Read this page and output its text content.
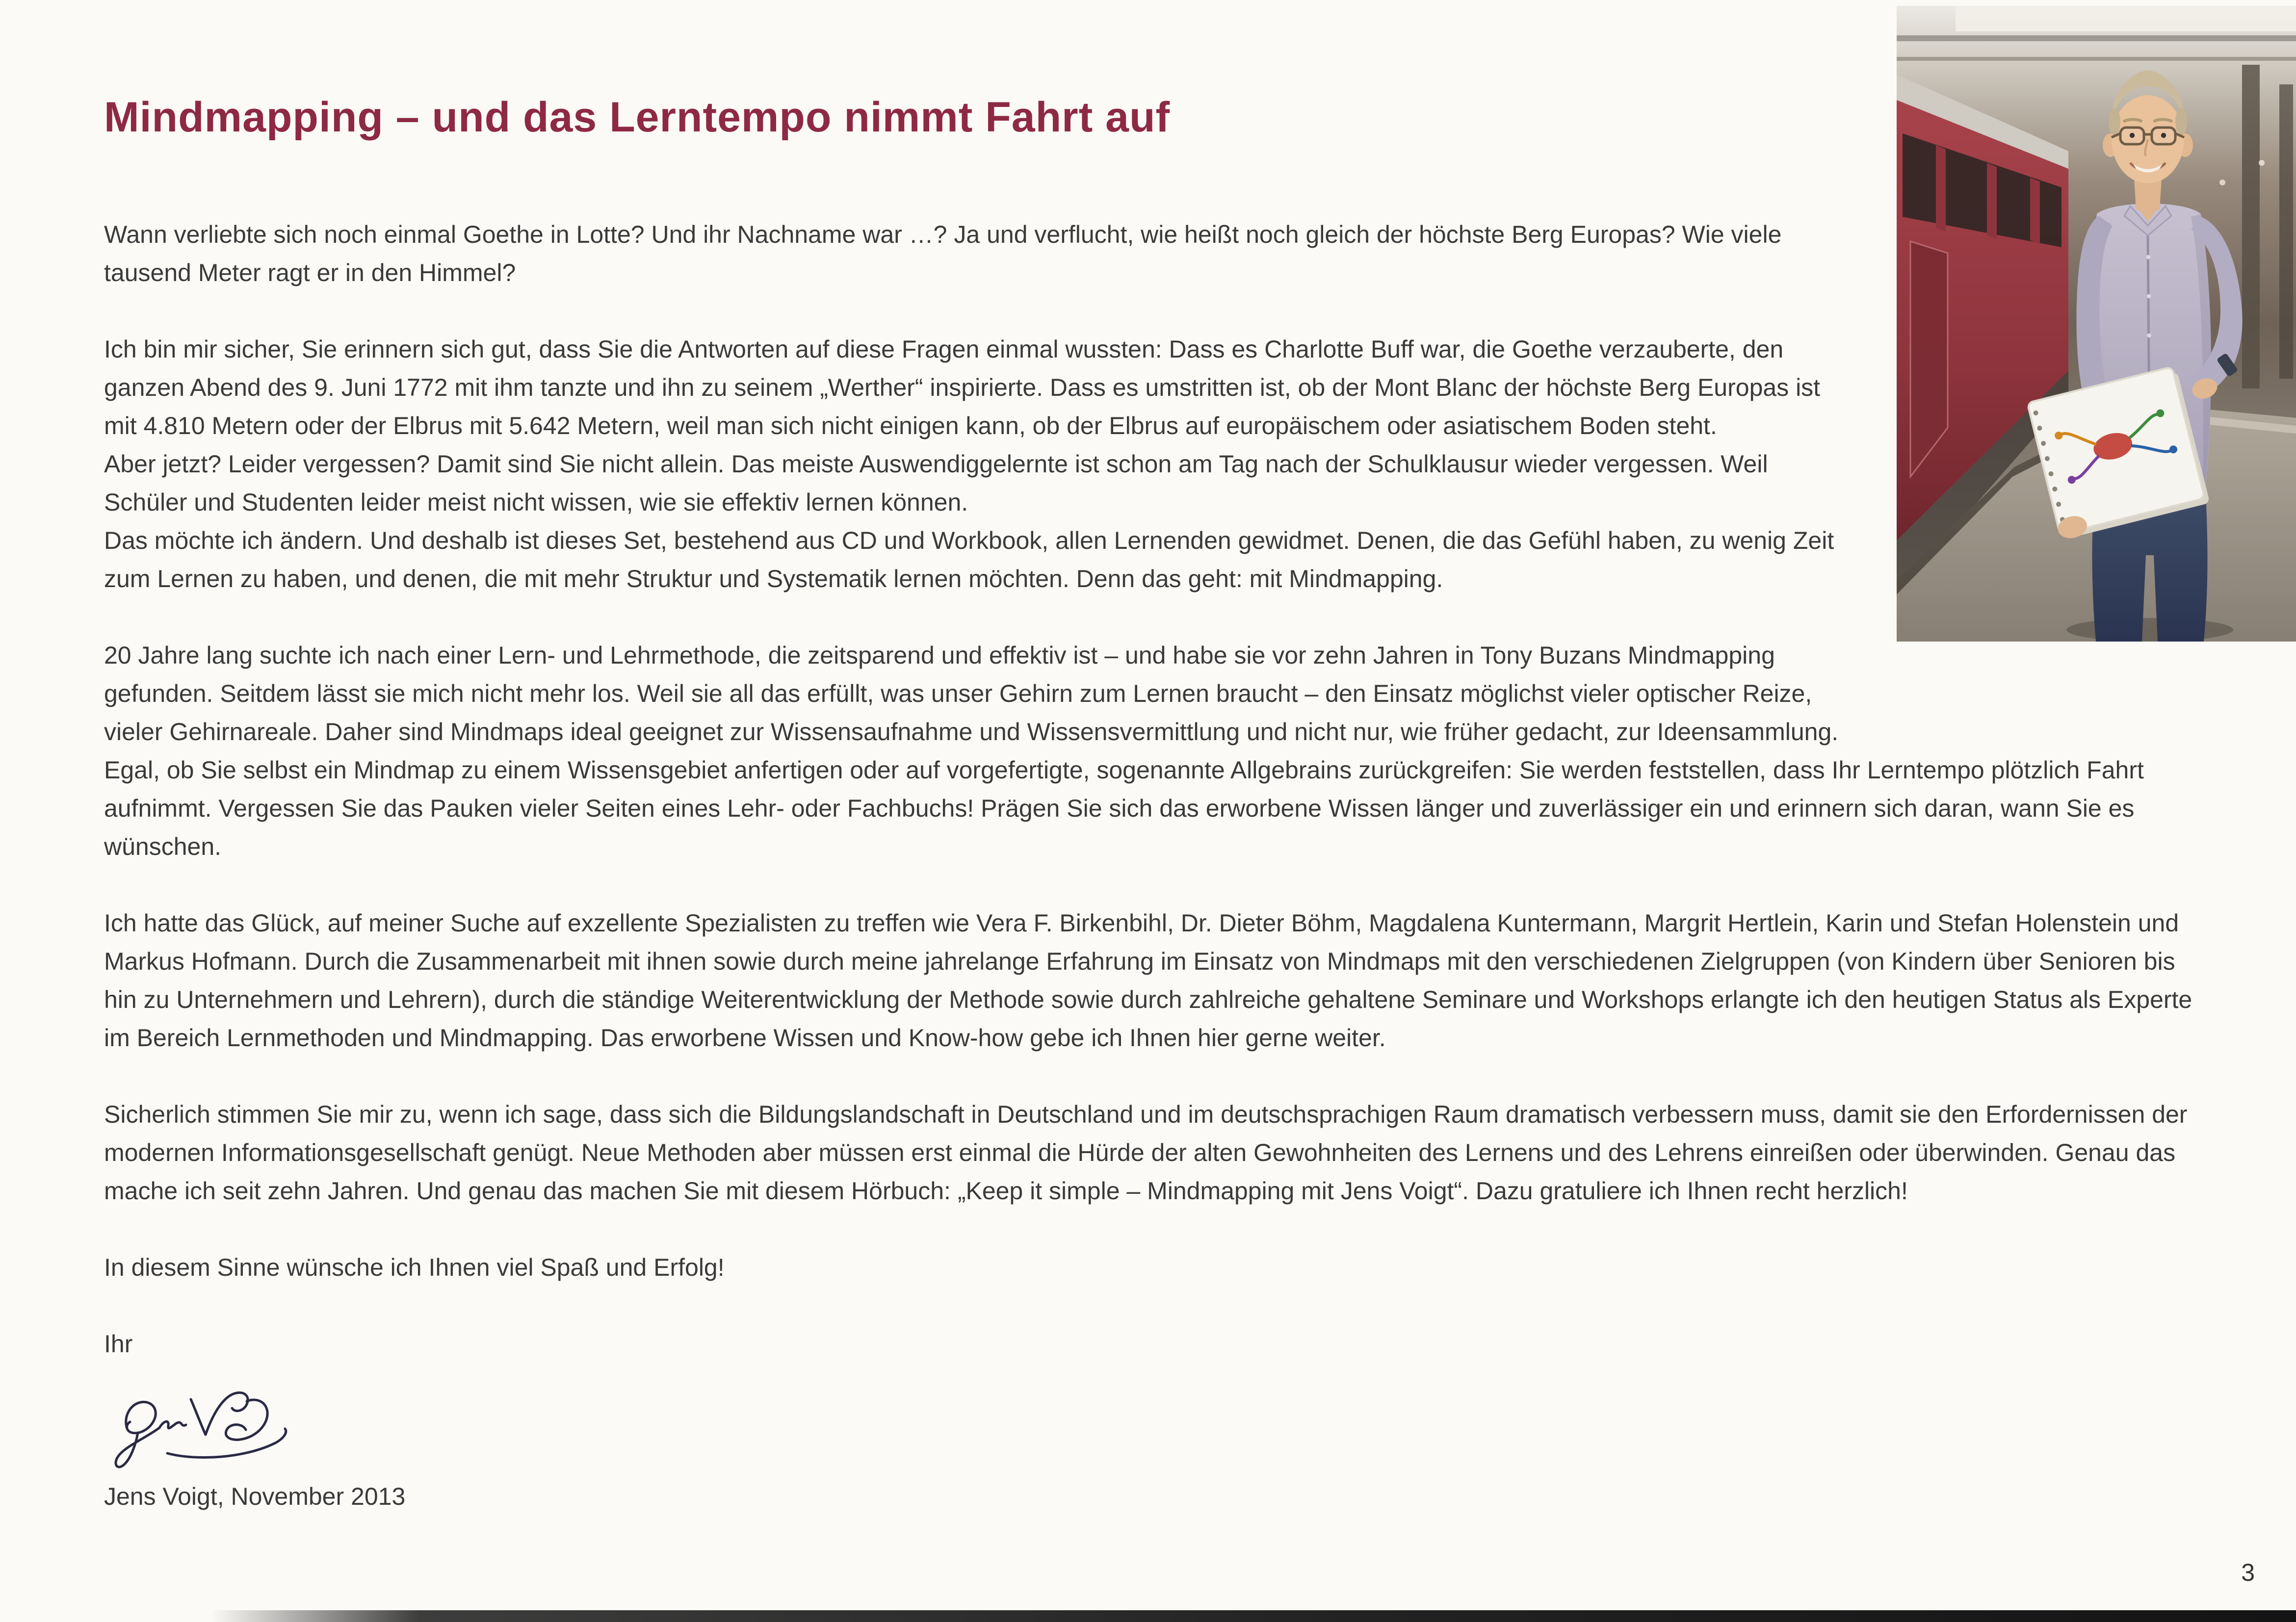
Mindmapping – und das Lerntempo nimmt Fahrt auf

Wann verliebte sich noch einmal Goethe in Lotte? Und ihr Nachname war …? Ja und verflucht, wie heißt noch gleich der höchste Berg Europas? Wie viele tausend Meter ragt er in den Himmel?

Ich bin mir sicher, Sie erinnern sich gut, dass Sie die Antworten auf diese Fragen einmal wussten: Dass es Charlotte Buff war, die Goethe verzauberte, den ganzen Abend des 9. Juni 1772 mit ihm tanzte und ihn zu seinem „Werther“ inspirierte. Dass es umstritten ist, ob der Mont Blanc der höchste Berg Europas ist mit 4.810 Metern oder der Elbrus mit 5.642 Metern, weil man sich nicht einigen kann, ob der Elbrus auf europäischem oder asiatischem Boden steht.

Aber jetzt? Leider vergessen? Damit sind Sie nicht allein. Das meiste Auswendiggelernte ist schon am Tag nach der Schulklausur wieder vergessen. Weil Schüler und Studenten leider meist nicht wissen, wie sie effektiv lernen können.

Das möchte ich ändern. Und deshalb ist dieses Set, bestehend aus CD und Workbook, allen Lernenden gewidmet. Denen, die das Gefühl haben, zu wenig Zeit zum Lernen zu haben, und denen, die mit mehr Struktur und Systematik lernen möchten. Denn das geht: mit Mindmapping.

20 Jahre lang suchte ich nach einer Lern- und Lehrmethode, die zeitsparend und effektiv ist – und habe sie vor zehn Jahren in Tony Buzans Mindmapping gefunden. Seitdem lässt sie mich nicht mehr los. Weil sie all das erfüllt, was unser Gehirn zum Lernen braucht – den Einsatz möglichst vieler optischer Reize, vieler Gehirnareale. Daher sind Mindmaps ideal geeignet zur Wissensaufnahme und Wissensvermittlung und nicht nur, wie früher gedacht, zur Ideensammlung.

Egal, ob Sie selbst ein Mindmap zu einem Wissensgebiet anfertigen oder auf vorgefertigte, sogenannte Allgebrains zurückgreifen: Sie werden feststellen, dass Ihr Lerntempo plötzlich Fahrt aufnimmt. Vergessen Sie das Pauken vieler Seiten eines Lehr- oder Fachbuchs! Prägen Sie sich das erworbene Wissen länger und zuverlässiger ein und erinnern sich daran, wann Sie es wünschen.

Ich hatte das Glück, auf meiner Suche auf exzellente Spezialisten zu treffen wie Vera F. Birkenbihl, Dr. Dieter Böhm, Magdalena Kuntermann, Margrit Hertlein, Karin und Stefan Holenstein und Markus Hofmann. Durch die Zusammenarbeit mit ihnen sowie durch meine jahrelange Erfahrung im Einsatz von Mindmaps mit den verschiedenen Zielgruppen (von Kindern über Senioren bis hin zu Unternehmern und Lehrern), durch die ständige Weiterentwicklung der Methode sowie durch zahlreiche gehaltene Seminare und Workshops erlangte ich den heutigen Status als Experte im Bereich Lernmethoden und Mindmapping. Das erworbene Wissen und Know-how gebe ich Ihnen hier gerne weiter.

Sicherlich stimmen Sie mir zu, wenn ich sage, dass sich die Bildungslandschaft in Deutschland und im deutschsprachigen Raum dramatisch verbessern muss, damit sie den Erfordernissen der modernen Informationsgesellschaft genügt. Neue Methoden aber müssen erst einmal die Hürde der alten Gewohnheiten des Lernens und des Lehrens einreißen oder überwinden. Genau das mache ich seit zehn Jahren. Und genau das machen Sie mit diesem Hörbuch: „Keep it simple – Mindmapping mit Jens Voigt“. Dazu gratuliere ich Ihnen recht herzlich!

In diesem Sinne wünsche ich Ihnen viel Spaß und Erfolg!

Ihr

Jens Voigt, November 2013

3
